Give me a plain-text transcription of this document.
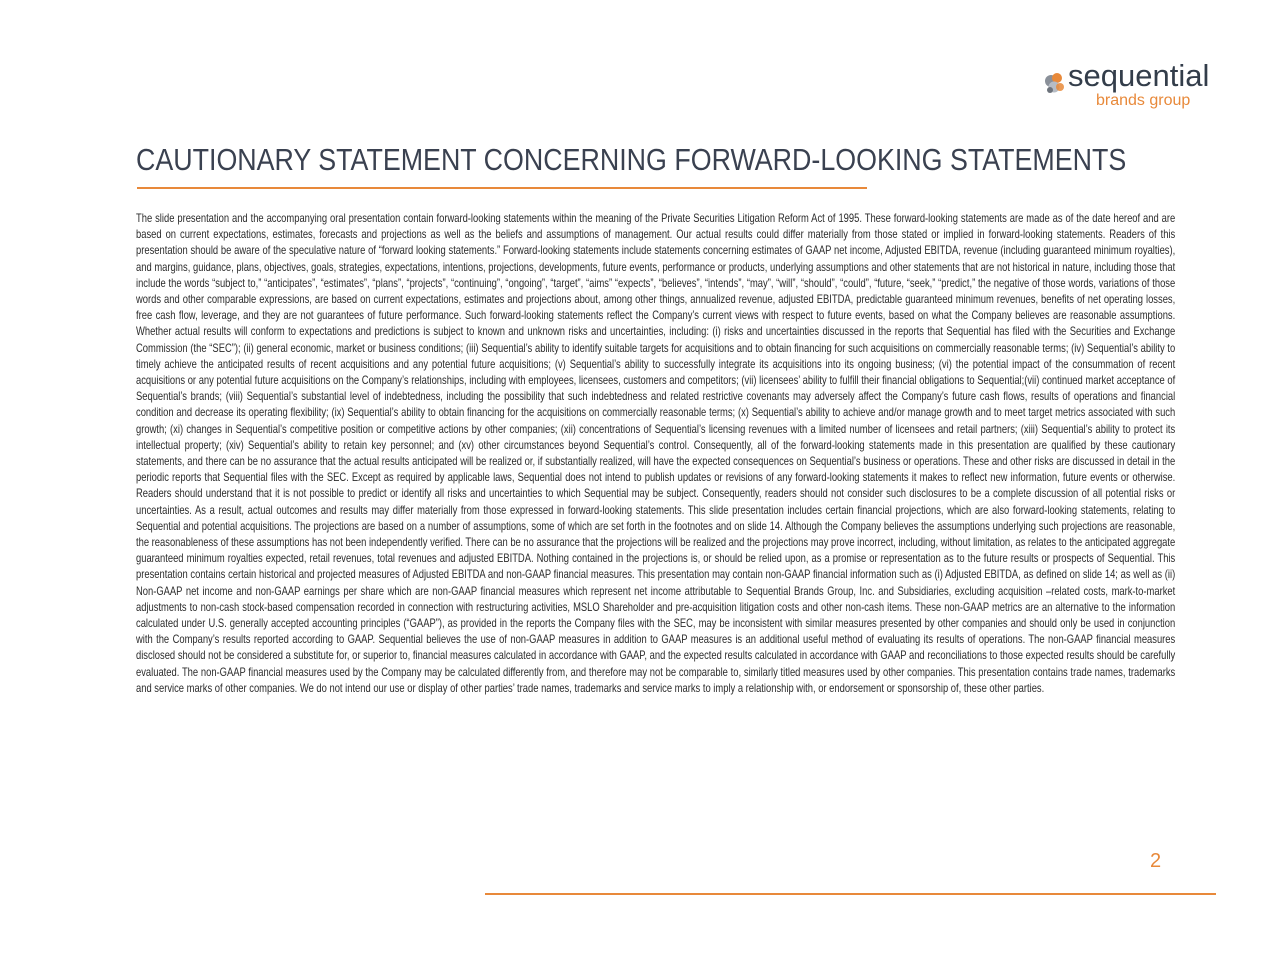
sequential
brands group
CAUTIONARY STATEMENT CONCERNING FORWARD-LOOKING STATEMENTS

The slide presentation and the accompanying oral presentation contain forward-looking statements within the meaning of the Private Securities Litigation Reform Act of 1995. These forward-looking statements are made as of the date hereof and are based on current expectations, estimates, forecasts and projections as well as the beliefs and assumptions of management. Our actual results could differ materially from those stated or implied in forward-looking statements. Readers of this presentation should be aware of the speculative nature of “forward looking statements.” Forward-looking statements include statements concerning estimates of GAAP net income, Adjusted EBITDA, revenue (including guaranteed minimum royalties), and margins, guidance, plans, objectives, goals, strategies, expectations, intentions, projections, developments, future events, performance or products, underlying assumptions and other statements that are not historical in nature, including those that include the words “subject to,” “anticipates”, “estimates”, “plans”, “projects”, “continuing”, “ongoing”, “target”, “aims” “expects”, “believes”, “intends”, “may”, “will”, “should”, “could”, “future, “seek,” “predict,” the negative of those words, variations of those words and other comparable expressions, are based on current expectations, estimates and projections about, among other things, annualized revenue, adjusted EBITDA, predictable guaranteed minimum revenues, benefits of net operating losses, free cash flow, leverage, and they are not guarantees of future performance. Such forward-looking statements reflect the Company’s current views with respect to future events, based on what the Company believes are reasonable assumptions. Whether actual results will conform to expectations and predictions is subject to known and unknown risks and uncertainties, including: (i) risks and uncertainties discussed in the reports that Sequential has filed with the Securities and Exchange Commission (the “SEC”); (ii) general economic, market or business conditions; (iii) Sequential’s ability to identify suitable targets for acquisitions and to obtain financing for such acquisitions on commercially reasonable terms; (iv) Sequential’s ability to timely achieve the anticipated results of recent acquisitions and any potential future acquisitions; (v) Sequential’s ability to successfully integrate its acquisitions into its ongoing business; (vi) the potential impact of the consummation of recent acquisitions or any potential future acquisitions on the Company’s relationships, including with employees, licensees, customers and competitors; (vii) licensees’ ability to fulfill their financial obligations to Sequential;(vii) continued market acceptance of Sequential’s brands; (viii) Sequential’s substantial level of indebtedness, including the possibility that such indebtedness and related restrictive covenants may adversely affect the Company’s future cash flows, results of operations and financial condition and decrease its operating flexibility; (ix) Sequential’s ability to obtain financing for the acquisitions on commercially reasonable terms; (x) Sequential’s ability to achieve and/or manage growth and to meet target metrics associated with such growth; (xi) changes in Sequential’s competitive position or competitive actions by other companies; (xii) concentrations of Sequential’s licensing revenues with a limited number of licensees and retail partners; (xiii) Sequential’s ability to protect its intellectual property; (xiv) Sequential’s ability to retain key personnel; and (xv) other circumstances beyond Sequential’s control. Consequently, all of the forward-looking statements made in this presentation are qualified by these cautionary statements, and there can be no assurance that the actual results anticipated will be realized or, if substantially realized, will have the expected consequences on Sequential’s business or operations. These and other risks are discussed in detail in the periodic reports that Sequential files with the SEC. Except as required by applicable laws, Sequential does not intend to publish updates or revisions of any forward-looking statements it makes to reflect new information, future events or otherwise. Readers should understand that it is not possible to predict or identify all risks and uncertainties to which Sequential may be subject. Consequently, readers should not consider such disclosures to be a complete discussion of all potential risks or uncertainties. As a result, actual outcomes and results may differ materially from those expressed in forward-looking statements. This slide presentation includes certain financial projections, which are also forward-looking statements, relating to Sequential and potential acquisitions. The projections are based on a number of assumptions, some of which are set forth in the footnotes and on slide 14. Although the Company believes the assumptions underlying such projections are reasonable, the reasonableness of these assumptions has not been independently verified. There can be no assurance that the projections will be realized and the projections may prove incorrect, including, without limitation, as relates to the anticipated aggregate guaranteed minimum royalties expected, retail revenues, total revenues and adjusted EBITDA. Nothing contained in the projections is, or should be relied upon, as a promise or representation as to the future results or prospects of Sequential. This presentation contains certain historical and projected measures of Adjusted EBITDA and non-GAAP financial measures. This presentation may contain non-GAAP financial information such as (i) Adjusted EBITDA, as defined on slide 14; as well as (ii) Non-GAAP net income and non-GAAP earnings per share which are non-GAAP financial measures which represent net income attributable to Sequential Brands Group, Inc. and Subsidiaries, excluding acquisition –related costs, mark-to-market adjustments to non-cash stock-based compensation recorded in connection with restructuring activities, MSLO Shareholder and pre-acquisition litigation costs and other non-cash items. These non-GAAP metrics are an alternative to the information calculated under U.S. generally accepted accounting principles (“GAAP”), as provided in the reports the Company files with the SEC, may be inconsistent with similar measures presented by other companies and should only be used in conjunction with the Company’s results reported according to GAAP. Sequential believes the use of non-GAAP measures in addition to GAAP measures is an additional useful method of evaluating its results of operations. The non-GAAP financial measures disclosed should not be considered a substitute for, or superior to, financial measures calculated in accordance with GAAP, and the expected results calculated in accordance with GAAP and reconciliations to those expected results should be carefully evaluated. The non-GAAP financial measures used by the Company may be calculated differently from, and therefore may not be comparable to, similarly titled measures used by other companies. This presentation contains trade names, trademarks and service marks of other companies. We do not intend our use or display of other parties’ trade names, trademarks and service marks to imply a relationship with, or endorsement or sponsorship of, these other parties.

2
